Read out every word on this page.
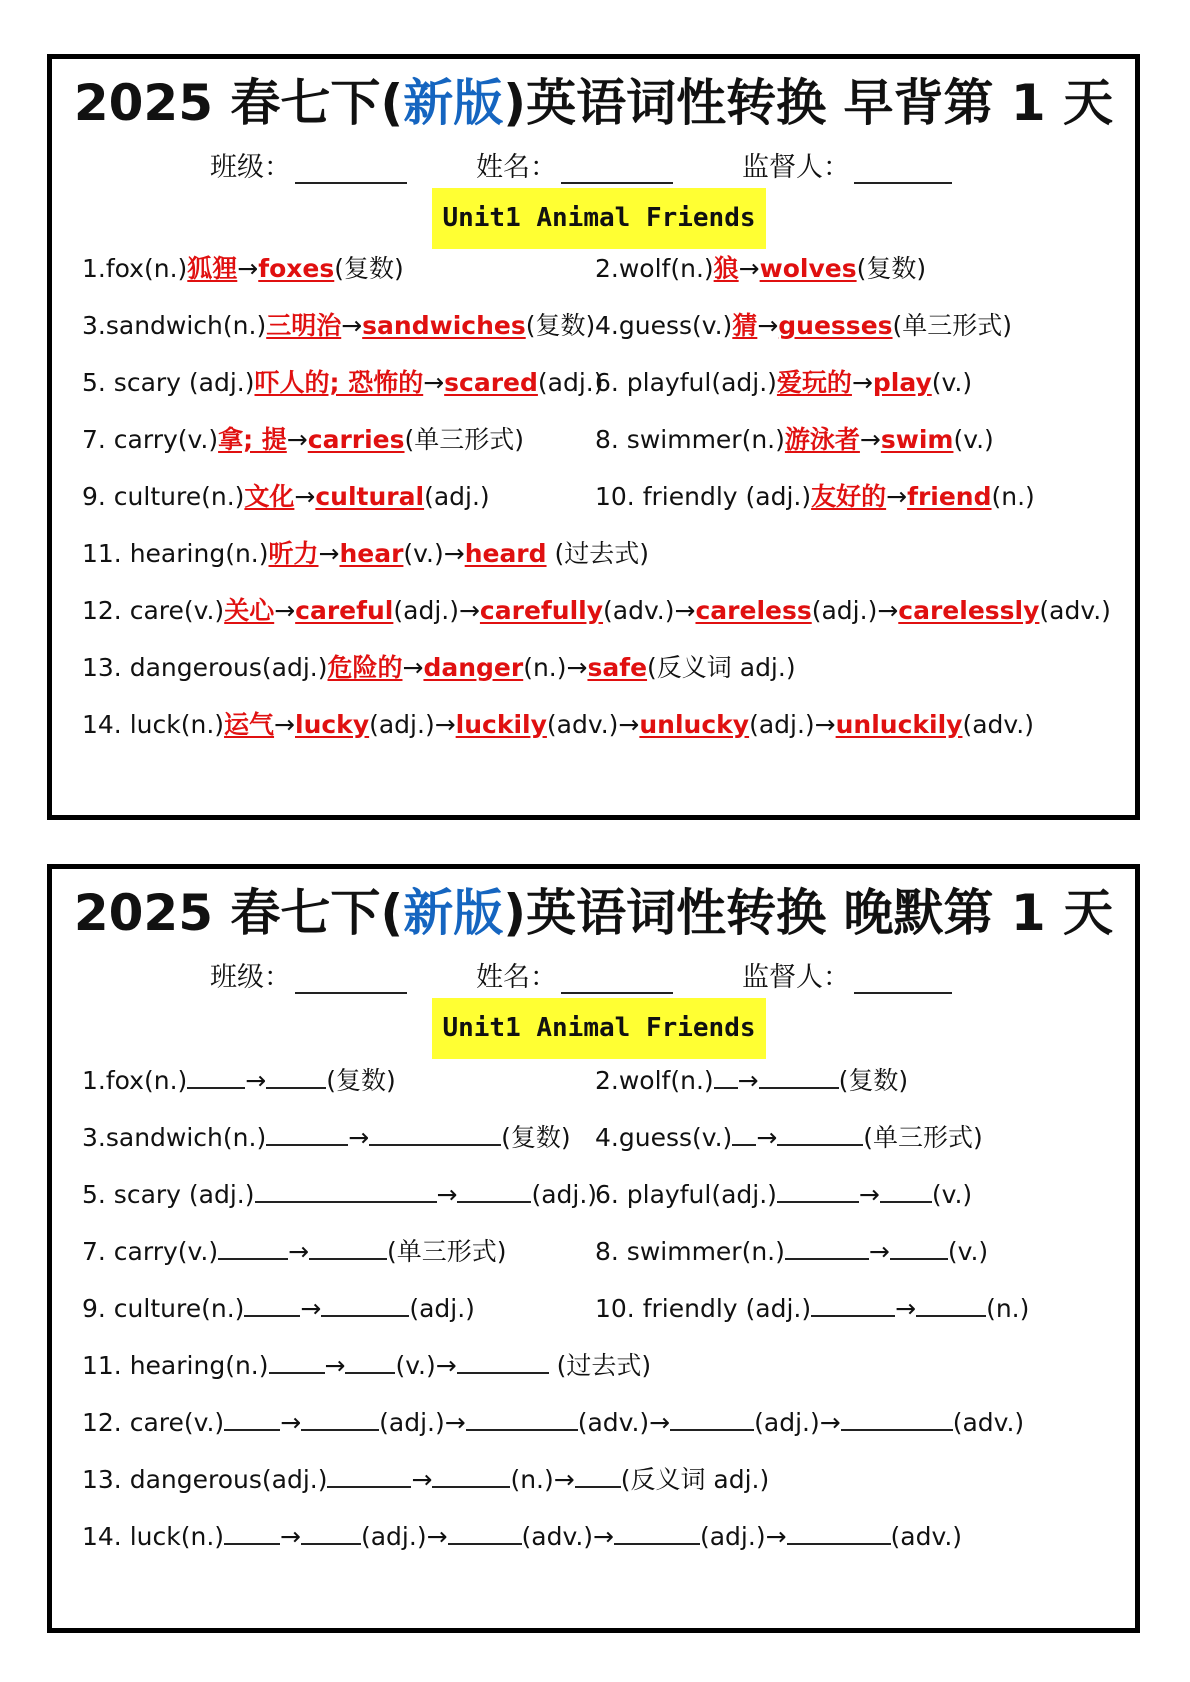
2025 春七下(新版)英语词性转换 早背第 1 天
班级：	姓名：	监督人：
Unit1 Animal Friends
1.fox(n.)狐狸→foxes(复数)	2.wolf(n.)狼→wolves(复数)
3.sandwich(n.)三明治→sandwiches(复数) 4.guess(v.)猜→guesses(单三形式)
5. scary (adj.)吓人的; 恐怖的→scared(adj.)
6. playful(adj.)爱玩的→play(v.)
7. carry(v.)拿; 提→carries(单三形式)	8. swimmer(n.)游泳者→swim(v.)
9. culture(n.)文化→cultural(adj.)	10. friendly (adj.)友好的→friend(n.)
11. hearing(n.)听力→hear(v.)→heard (过去式)
12. care(v.)关心→careful(adj.)→carefully(adv.)→careless(adj.)→carelessly(adv.)
13. dangerous(adj.)危险的→danger(n.)→safe(反义词 adj.)
14. luck(n.)运气→lucky(adj.)→luckily(adv.)→unlucky(adj.)→unluckily(adv.)
2025 春七下(新版)英语词性转换 晚默第 1 天
班级：	姓名：	监督人：
Unit1 Animal Friends
1.fox(n.) → (复数)	2.wolf(n.) →	(复数)
3.sandwich(n.)	→	(复数) 4.guess(v.) →	(单三形式)
5. scary (adj.)	→	(adj.)
6. playful(adj.)	→ (v.)
7. carry(v.)	→	(单三形式)	8. swimmer(n.)	→ (v.)
9. culture(n.) →	(adj.)	10. friendly (adj.)	→	(n.)
11. hearing(n.) → (v.)→	(过去式)
12. care(v.) →	(adj.)→	(adv.)→	(adj.)→	(adv.)
13. dangerous(adj.)	→	(n.)→ (反义词 adj.)
14. luck(n.) → (adj.)→	(adv.)→	(adj.)→	(adv.)
